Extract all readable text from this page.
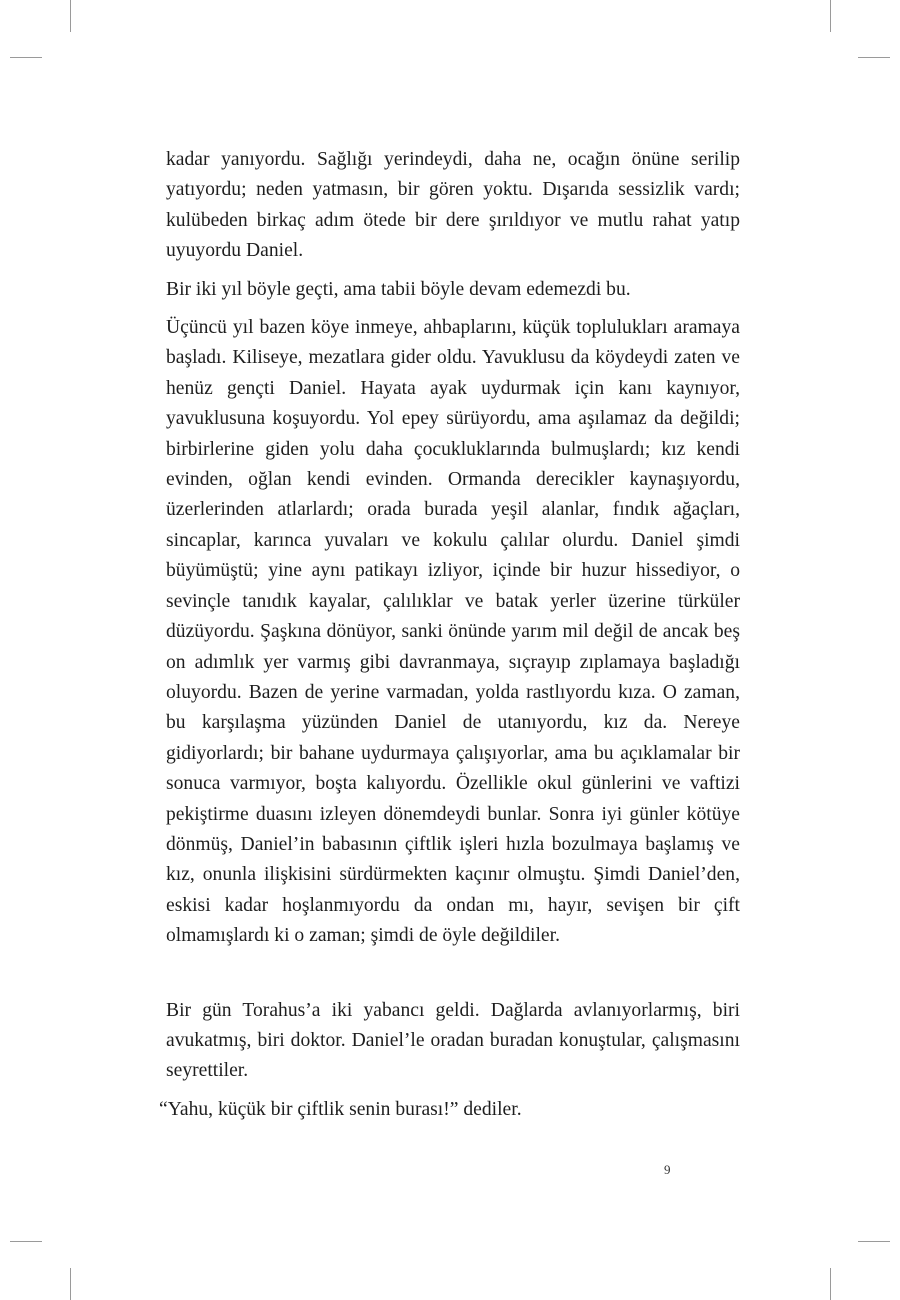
kadar yanıyordu. Sağlığı yerindeydi, daha ne, ocağın önüne serilip yatıyordu; neden yatmasın, bir gören yoktu. Dışarıda sessizlik vardı; kulübeden birkaç adım ötede bir dere şırıldıyor ve mutlu rahat yatıp uyuyordu Daniel.

Bir iki yıl böyle geçti, ama tabii böyle devam edemezdi bu.

Üçüncü yıl bazen köye inmeye, ahbaplarını, küçük toplulukları aramaya başladı. Kiliseye, mezatlara gider oldu. Yavuklusu da köydeydi zaten ve henüz gençti Daniel. Hayata ayak uydurmak için kanı kaynıyor, yavuklusuna koşuyordu. Yol epey sürüyordu, ama aşılamaz da değildi; birbirlerine giden yolu daha çocukluklarında bulmuşlardı; kız kendi evinden, oğlan kendi evinden. Ormanda derecikler kaynaşıyordu, üzerlerinden atlarlardı; orada burada yeşil alanlar, fındık ağaçları, sincaplar, karınca yuvaları ve kokulu çalılar olurdu. Daniel şimdi büyümüştü; yine aynı patikayı izliyor, içinde bir huzur hissediyor, o sevinçle tanıdık kayalar, çalılıklar ve batak yerler üzerine türküler düzüyordu. Şaşkına dönüyor, sanki önünde yarım mil değil de ancak beş on adımlık yer varmış gibi davranmaya, sıçrayıp zıplamaya başladığı oluyordu. Bazen de yerine varmadan, yolda rastlıyordu kıza. O zaman, bu karşılaşma yüzünden Daniel de utanıyordu, kız da. Nereye gidiyorlardı; bir bahane uydurmaya çalışıyorlar, ama bu açıklamalar bir sonuca varmıyor, boşta kalıyordu. Özellikle okul günlerini ve vaftizi pekiştirme duasını izleyen dönemdeydi bunlar. Sonra iyi günler kötüye dönmüş, Daniel’in babasının çiftlik işleri hızla bozulmaya başlamış ve kız, onunla ilişkisini sürdürmekten kaçınır olmuştu. Şimdi Daniel’den, eskisi kadar hoşlanmıyordu da ondan mı, hayır, sevişen bir çift olmamışlardı ki o zaman; şimdi de öyle değildiler.

Bir gün Torahus’a iki yabancı geldi. Dağlarda avlanıyorlarmış, biri avukatmış, biri doktor. Daniel’le oradan buradan konuştular, çalışmasını seyrettiler.

“Yahu, küçük bir çiftlik senin burası!” dediler.

9
